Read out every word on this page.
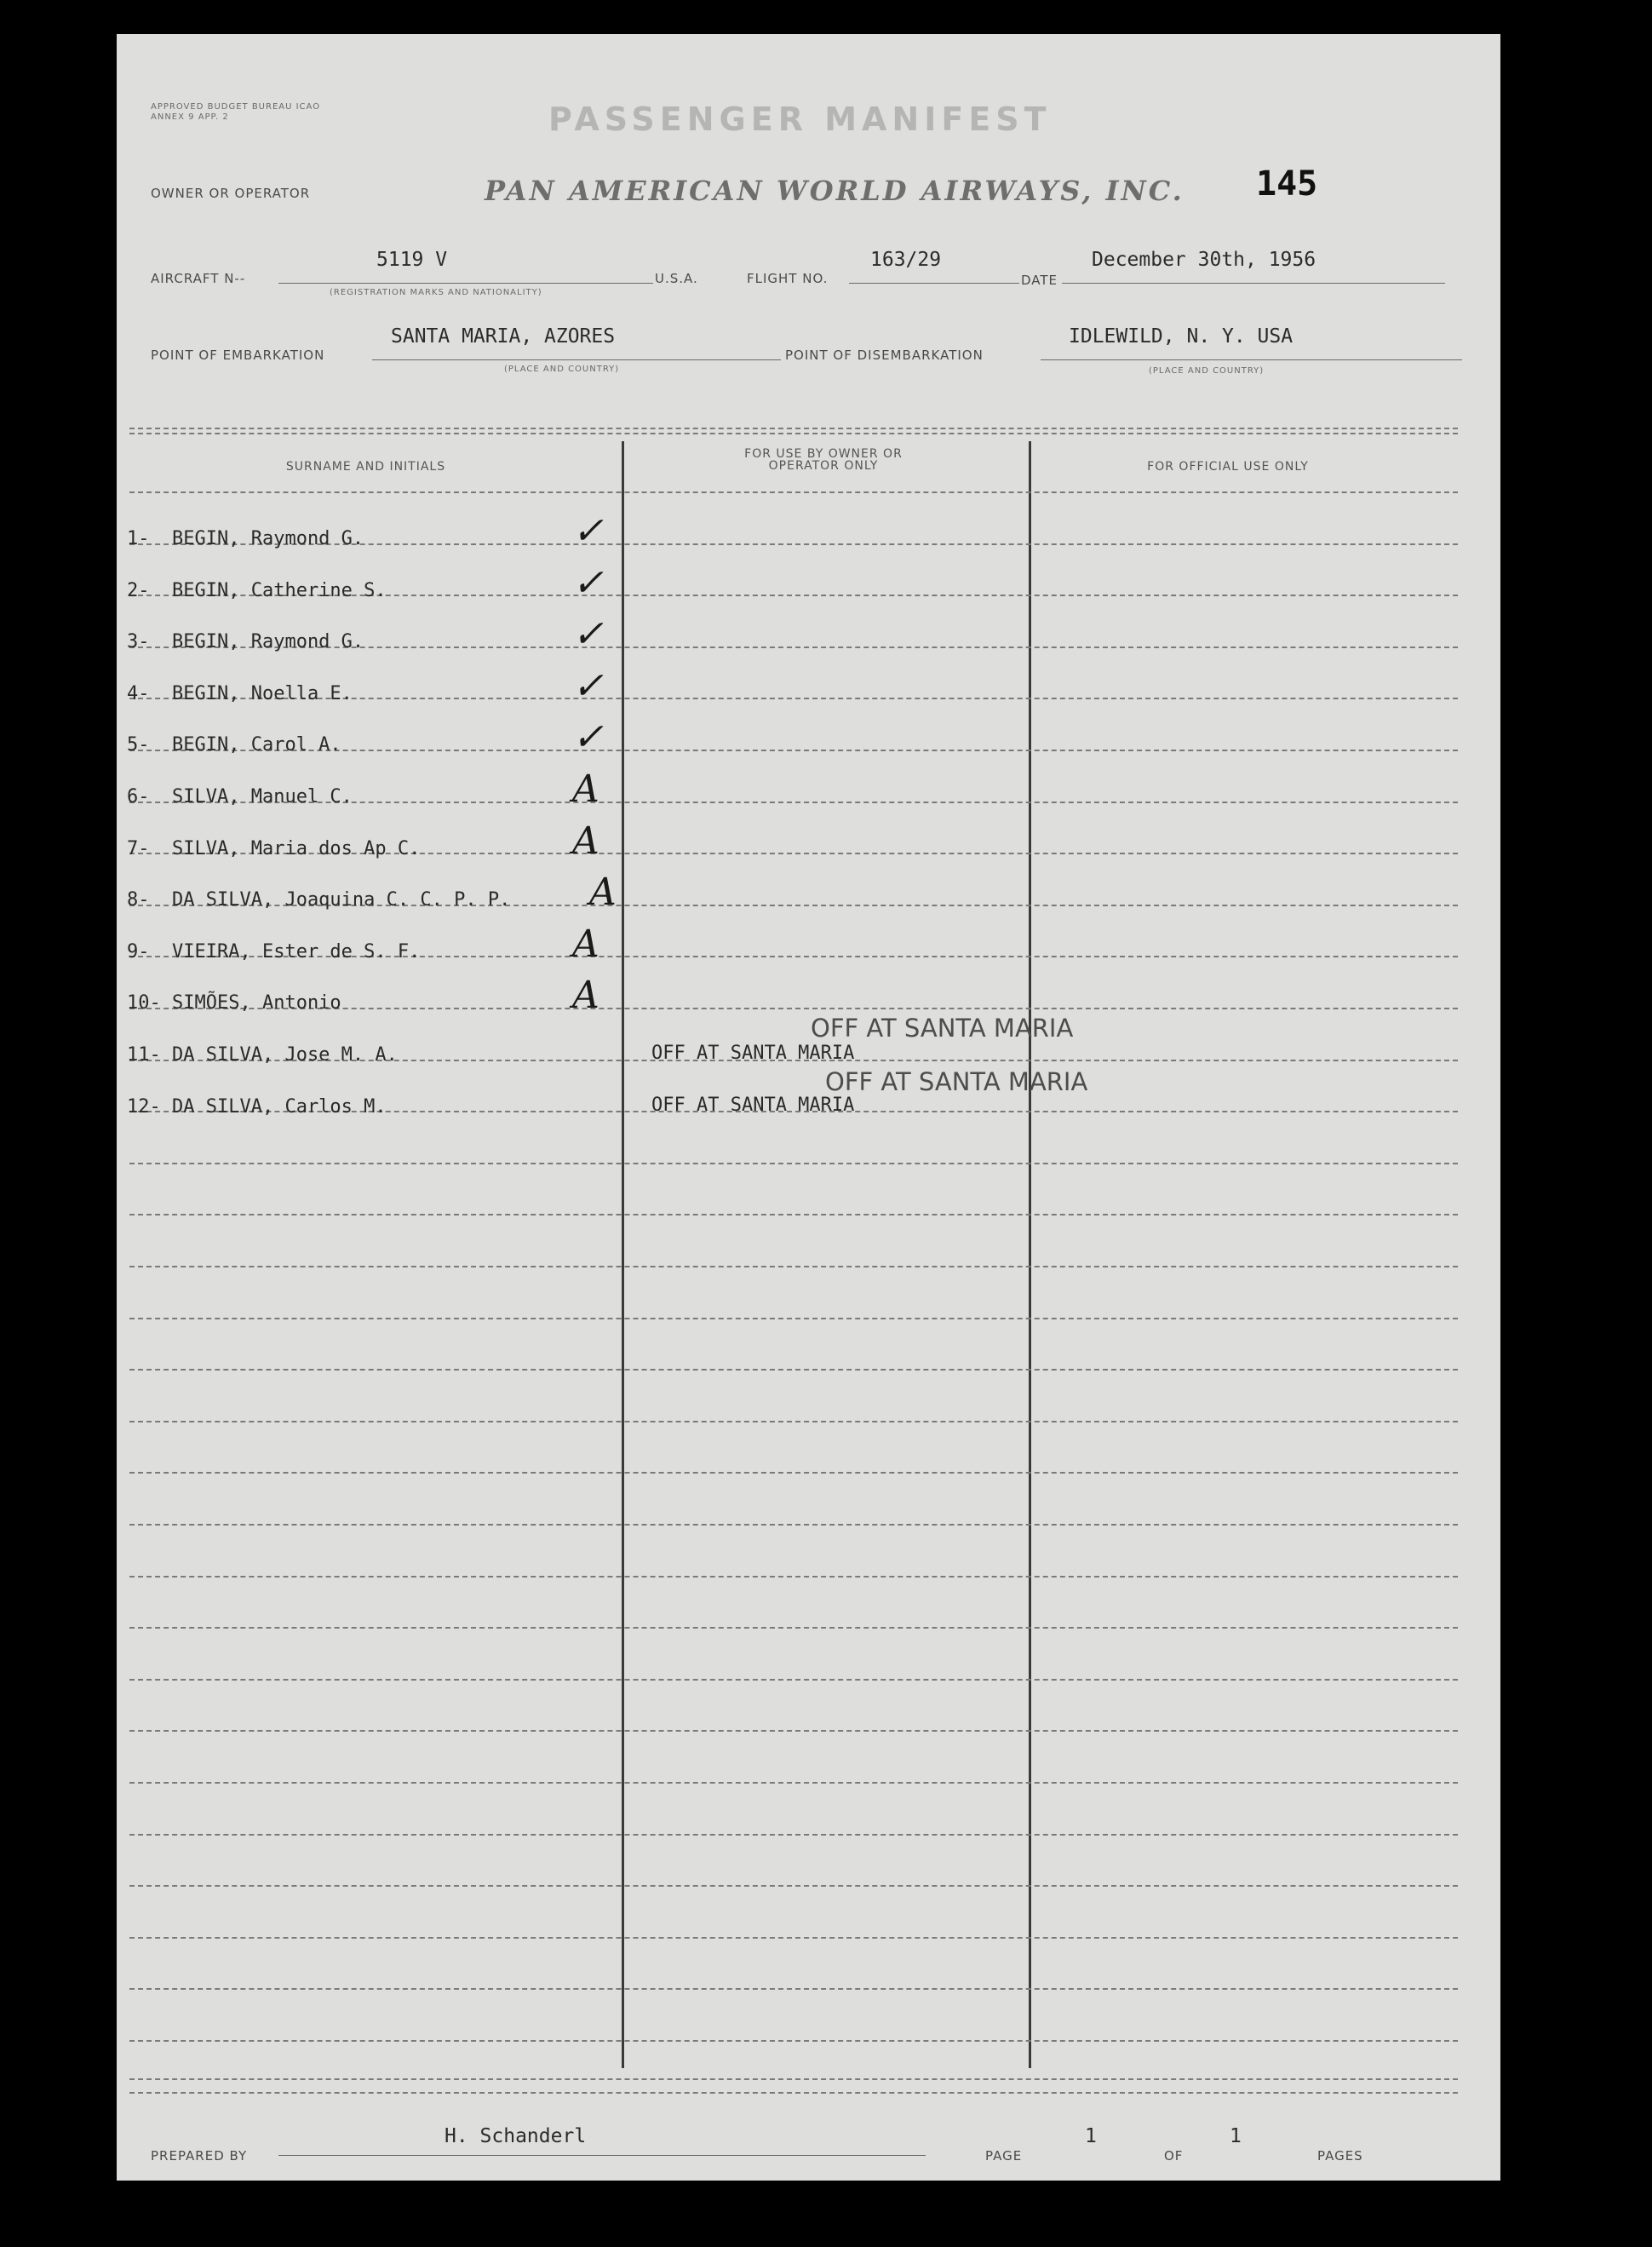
APPROVED BUDGET BUREAU ICAO ANNEX 9 APP. 2	PASSENGER MANIFEST
145
OWNER OR OPERATOR	PAN AMERICAN WORLD AIRWAYS, INC.
AIRCRAFT N--
5119 V
(REGISTRATION MARKS AND NATIONALITY)
U.S.A.	FLIGHT NO.
163/29
DATE
December 30th, 1956
POINT OF EMBARKATION
SANTA MARIA, AZORES
(PLACE AND COUNTRY)
POINT OF DISEMBARKATION
IDLEWILD, N. Y. USA
(PLACE AND COUNTRY)
SURNAME AND INITIALS
FOR USE BY OWNER OR OPERATOR ONLY	FOR OFFICIAL USE ONLY
1- BEGIN, Raymond G.	✓
2- BEGIN, Catherine S.	✓
3- BEGIN, Raymond G.	✓
4- BEGIN, Noella E.	✓
5- BEGIN, Carol A.	✓
6- SILVA, Manuel C.	A
7- SILVA, Maria dos Ap C.	A
8- DA SILVA, Joaquina C. C. P. P. A
9- VIEIRA, Ester de S. F.	A
10- SIMÕES, Antonio	A
11- DA SILVA, Jose M. A.	OFF AT SANTA MARIA
12- DA SILVA, Carlos M.	OFF AT SANTA MARIA
OFF AT SANTA MARIA
OFF AT SANTA MARIA
PREPARED BY
H. Schanderl
PAGE
1
OF
1
PAGES
